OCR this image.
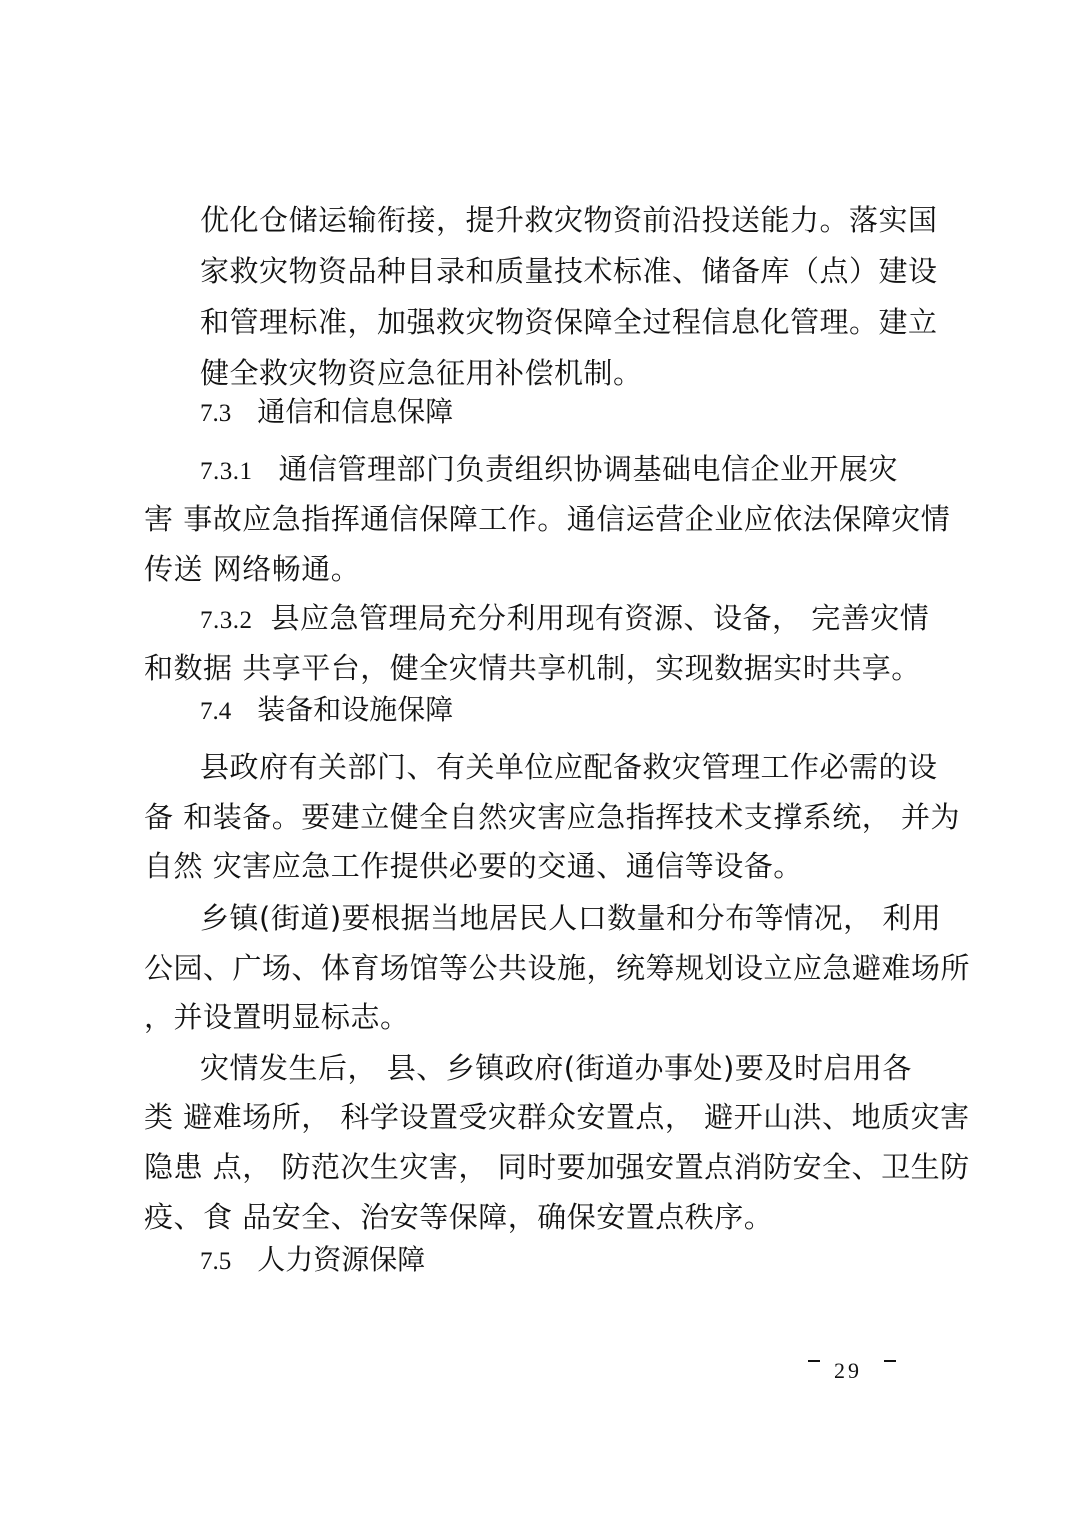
优化仓储运输衔接，提升救灾物资前沿投送能力。落实国
家救灾物资品种目录和质量技术标准、储备库（点）建设
和管理标准，加强救灾物资保障全过程信息化管理。建立
健全救灾物资应急征用补偿机制。
7.3 通信和信息保障
7.3.1 通信管理部门负责组织协调基础电信企业开展灾
害 事故应急指挥通信保障工作。通信运营企业应依法保障灾情
传送 网络畅通。
7.3.2 县应急管理局充分利用现有资源、设备， 完善灾情
和数据 共享平台，健全灾情共享机制，实现数据实时共享。
7.4 装备和设施保障
县政府有关部门、有关单位应配备救灾管理工作必需的设
备 和装备。要建立健全自然灾害应急指挥技术支撑系统， 并为
自然 灾害应急工作提供必要的交通、通信等设备。
乡镇(街道)要根据当地居民人口数量和分布等情况， 利用
公园、广场、体育场馆等公共设施，统筹规划设立应急避难场所
，并设置明显标志。
灾情发生后， 县、乡镇政府(街道办事处)要及时启用各
类 避难场所， 科学设置受灾群众安置点， 避开山洪、地质灾害
隐患 点， 防范次生灾害， 同时要加强安置点消防安全、卫生防
疫、食 品安全、治安等保障，确保安置点秩序。
7.5 人力资源保障
29
